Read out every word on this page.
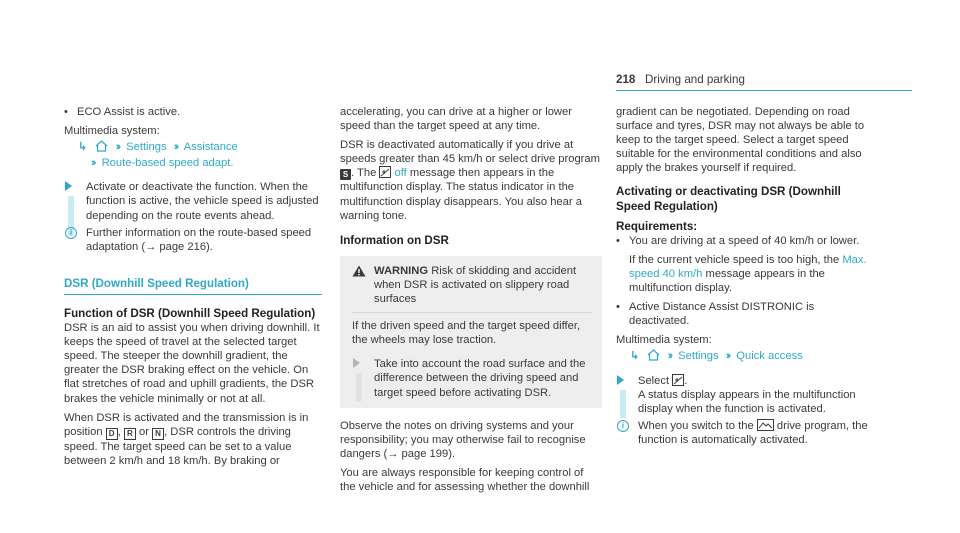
218 Driving and parking

• ECO Assist is active.

Multimedia system:

↳	›› Settings ›› Assistance

›› Route-based speed adapt.

Activate or deactivate the function. When the function is active, the vehicle speed is adjusted depending on the route events ahead.

i	Further information on the route-based speed adaptation (→ page 216).

DSR (Downhill Speed Regulation)

Function of DSR (Downhill Speed Regulation)

DSR is an aid to assist you when driving downhill. It keeps the speed of travel at the selected target speed. The steeper the downhill gradient, the greater the DSR braking effect on the vehicle. On flat stretches of road and uphill gradients, the DSR brakes the vehicle minimally or not at all.

When DSR is activated and the transmission is in position D , R or N , DSR controls the driving speed. The target speed can be set to a value between 2 km/h and 18 km/h. By braking or

accelerating, you can drive at a higher or lower speed than the target speed at any time.

DSR is deactivated automatically if you drive at speeds greater than 45 km/h or select drive program S . The  off message then appears in the multifunction display. The status indicator in the multifunction display disappears. You also hear a warning tone.

Information on DSR

WARNING Risk of skidding and accident when DSR is activated on slippery road surfaces

If the driven speed and the target speed differ, the wheels may lose traction.

Take into account the road surface and the difference between the driving speed and target speed before activating DSR.

Observe the notes on driving systems and your responsibility; you may otherwise fail to recognise dangers (→ page 199).

You are always responsible for keeping control of the vehicle and for assessing whether the downhill

gradient can be negotiated. Depending on road surface and tyres, DSR may not always be able to keep to the target speed. Select a target speed suitable for the environmental conditions and also apply the brakes yourself if required.

Activating or deactivating DSR (Downhill Speed Regulation)

Requirements:

• You are driving at a speed of 40 km/h or lower.

If the current vehicle speed is too high, the Max. speed 40 km/h message appears in the multifunction display.

• Active Distance Assist DISTRONIC is deactivated.

Multimedia system:

↳	›› Settings ›› Quick access

Select .

A status display appears in the multifunction display when the function is activated.

i	When you switch to the  drive program, the function is automatically activated.
